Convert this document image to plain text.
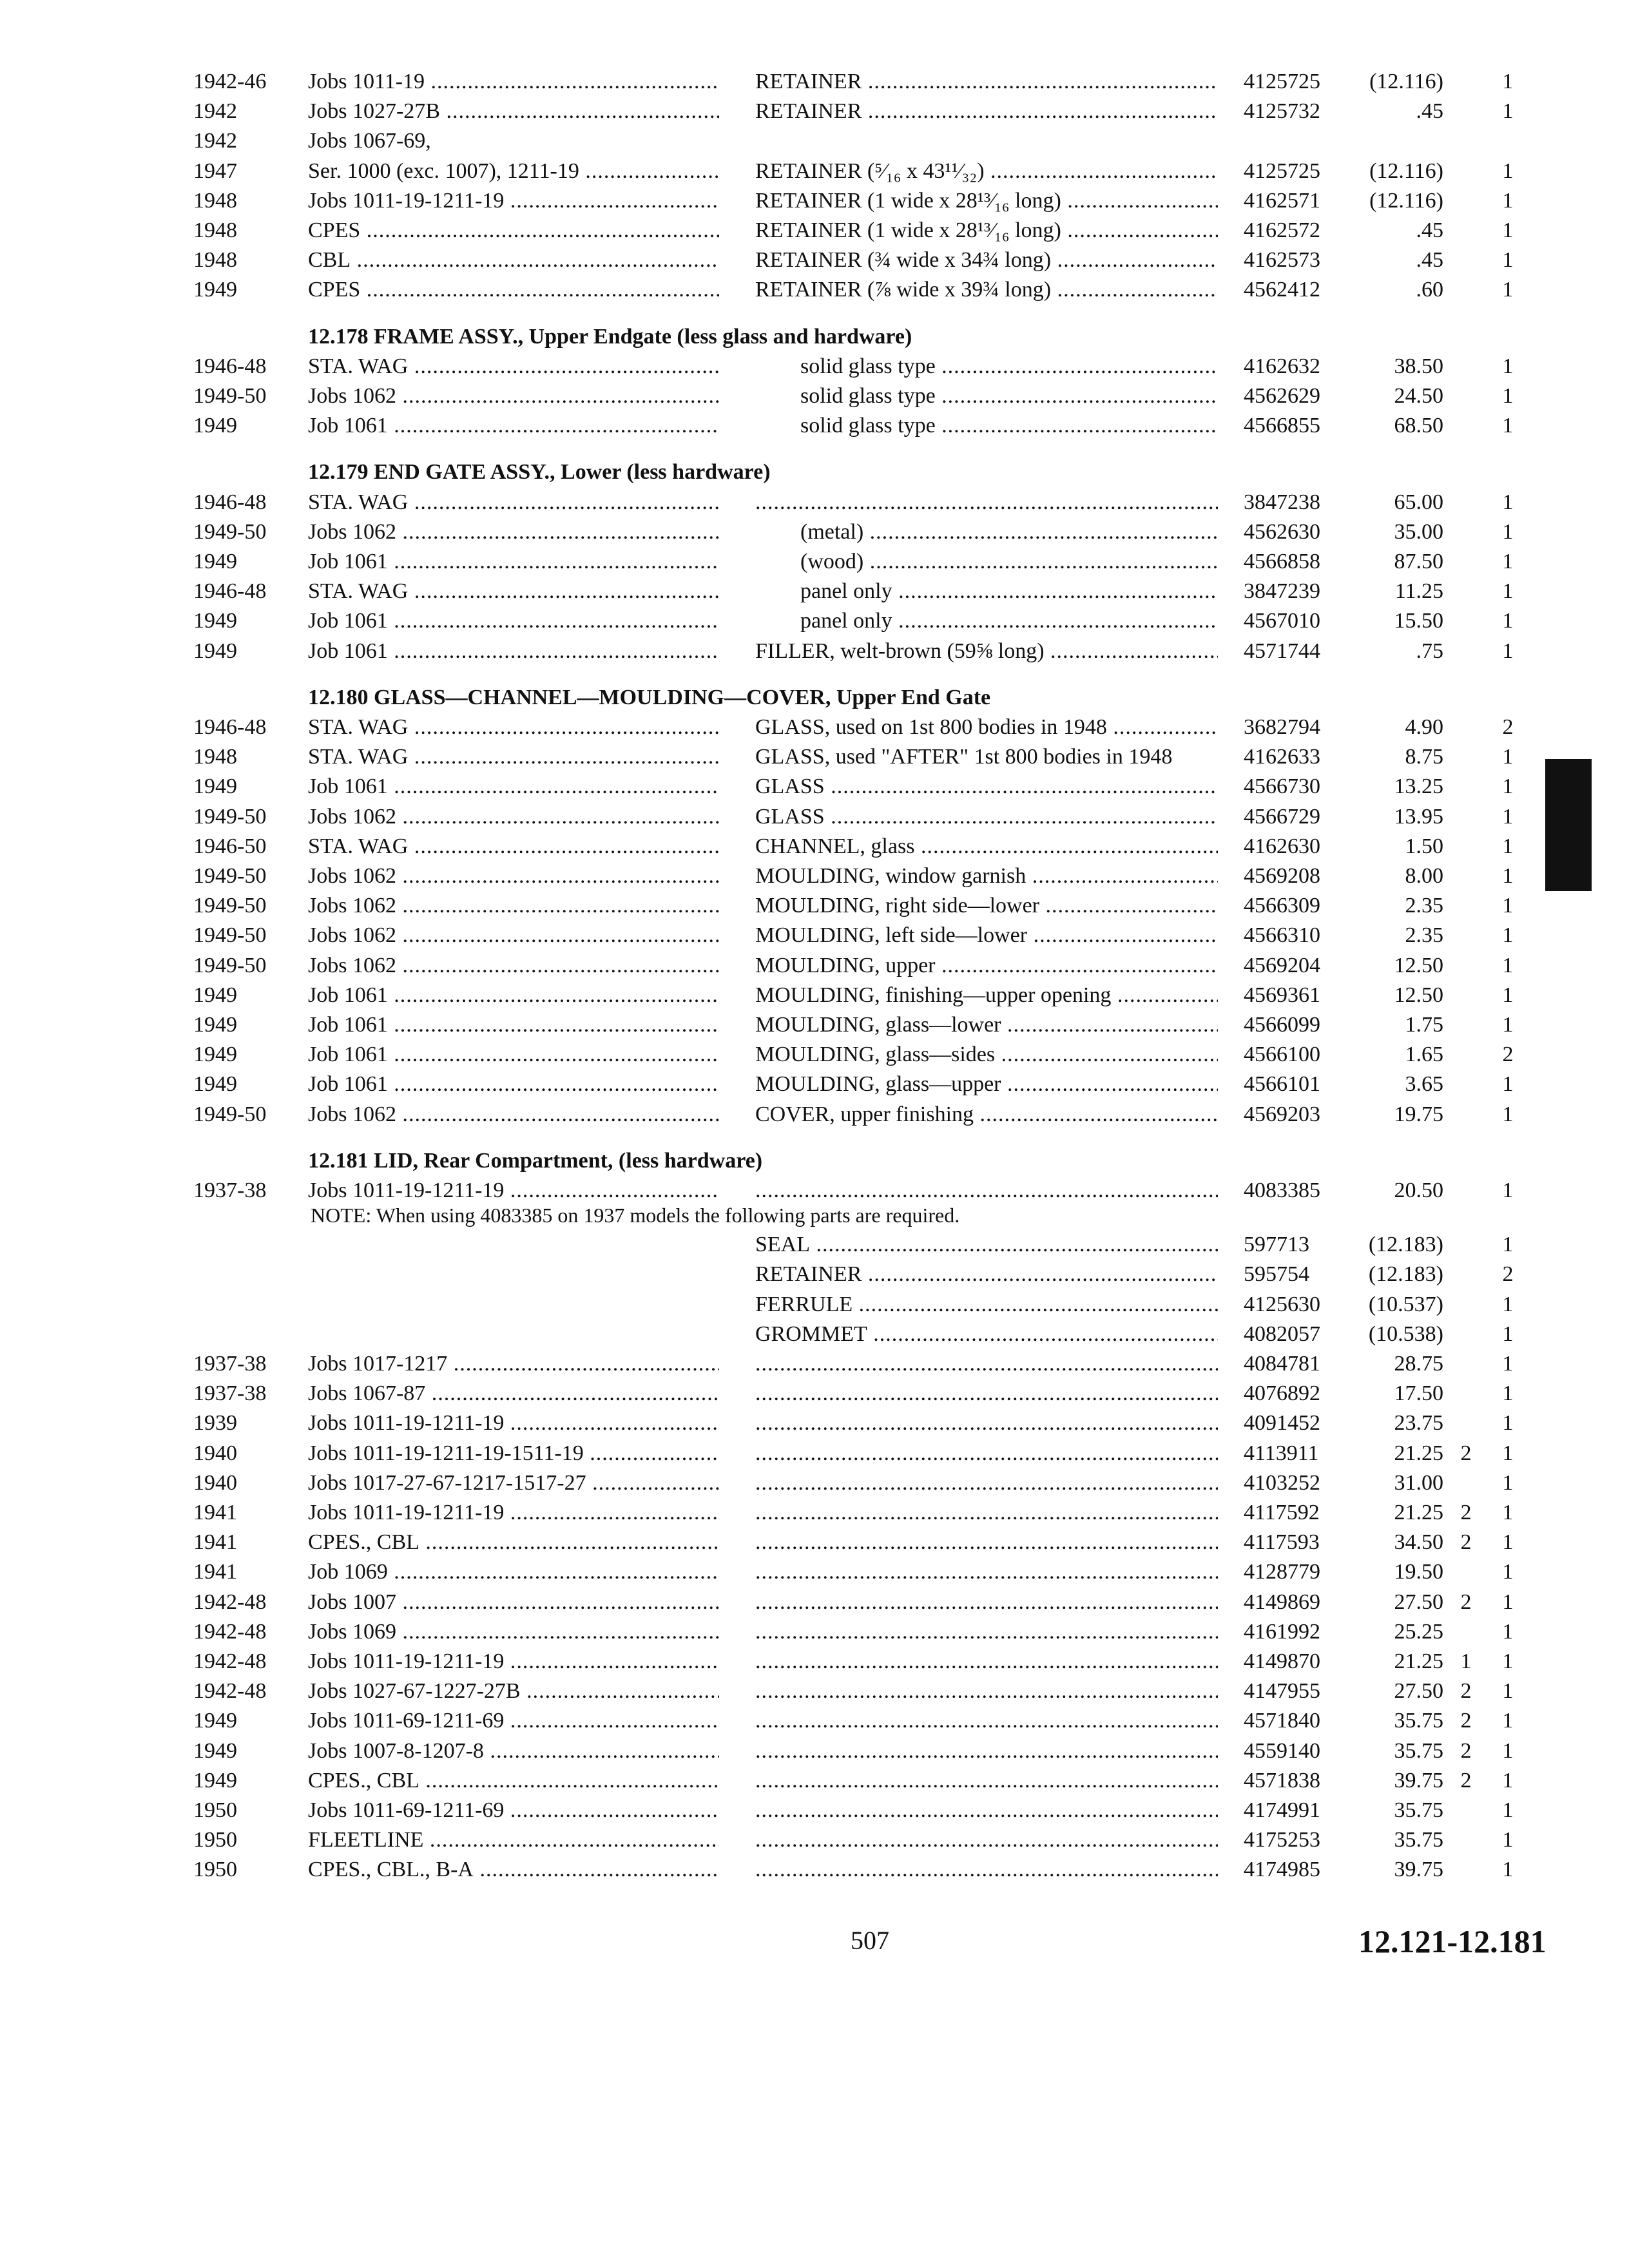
1942-46	Jobs 1011-19 .....	RETAINER .....	4125725	(12.116)	1
1942	Jobs 1027-27B .....	RETAINER .....	4125732	.45	1
1942	Jobs 1067-69,
1947	Ser. 1000 (exc. 1007), 1211-19 .....	RETAINER (⁵⁄₁₆ x 43¹¹⁄₃₂) .....	4125725	(12.116)	1
1948	Jobs 1011-19-1211-19 .....	RETAINER (1 wide x 28¹³⁄₁₆ long) .....	4162571	(12.116)	1
1948	CPES .....	RETAINER (1 wide x 28¹³⁄₁₆ long) .....	4162572	.45	1
1948	CBL .....	RETAINER (¾ wide x 34¾ long) .....	4162573	.45	1
1949	CPES .....	RETAINER (⅞ wide x 39¾ long) .....	4562412	.60	1
12.178 FRAME ASSY., Upper Endgate (less glass and hardware)
1946-48	STA. WAG .....	solid glass type .....	4162632	38.50	1
1949-50	Jobs 1062 .....	solid glass type .....	4562629	24.50	1
1949	Job 1061 .....	solid glass type .....	4566855	68.50	1
12.179 END GATE ASSY., Lower (less hardware)
1946-48	STA. WAG ..... .....	3847238	65.00	1
1949-50	Jobs 1062 .....	(metal) .....	4562630	35.00	1
1949	Job 1061 .....	(wood) .....	4566858	87.50	1
1946-48	STA. WAG .....	panel only .....	3847239	11.25	1
1949	Job 1061 .....	panel only .....	4567010	15.50	1
1949	Job 1061 .....	FILLER, welt-brown (59⅝ long) .....	4571744	.75	1
12.180 GLASS—CHANNEL—MOULDING—COVER, Upper End Gate
1946-48	STA. WAG .....	GLASS, used on 1st 800 bodies in 1948 .....	3682794	4.90	2
1948	STA. WAG .....	GLASS, used "AFTER" 1st 800 bodies in 1948	4162633	8.75	1
1949	Job 1061 .....	GLASS .....	4566730	13.25	1
1949-50	Jobs 1062 .....	GLASS .....	4566729	13.95	1
1946-50	STA. WAG .....	CHANNEL, glass .....	4162630	1.50	1
1949-50	Jobs 1062 .....	MOULDING, window garnish .....	4569208	8.00	1
1949-50	Jobs 1062 .....	MOULDING, right side—lower .....	4566309	2.35	1
1949-50	Jobs 1062 .....	MOULDING, left side—lower .....	4566310	2.35	1
1949-50	Jobs 1062 .....	MOULDING, upper .....	4569204	12.50	1
1949	Job 1061 .....	MOULDING, finishing—upper opening .....	4569361	12.50	1
1949	Job 1061 .....	MOULDING, glass—lower .....	4566099	1.75	1
1949	Job 1061 .....	MOULDING, glass—sides .....	4566100	1.65	2
1949	Job 1061 .....	MOULDING, glass—upper .....	4566101	3.65	1
1949-50	Jobs 1062 .....	COVER, upper finishing .....	4569203	19.75	1
12.181 LID, Rear Compartment, (less hardware)
1937-38	Jobs 1011-19-1211-19 ..... .....	4083385	20.50	1
NOTE: When using 4083385 on 1937 models the following parts are required.
SEAL .....	597713	(12.183)	1
RETAINER .....	595754	(12.183)	2
FERRULE .....	4125630	(10.537)	1
GROMMET .....	4082057	(10.538)	1
1937-38	Jobs 1017-1217 ..... .....	4084781	28.75	1
1937-38	Jobs 1067-87 ..... .....	4076892	17.50	1
1939	Jobs 1011-19-1211-19 ..... .....	4091452	23.75	1
1940	Jobs 1011-19-1211-19-1511-19 ..... .....	4113911	21.25 2	1
1940	Jobs 1017-27-67-1217-1517-27 ..... .....	4103252	31.00	1
1941	Jobs 1011-19-1211-19 ..... .....	4117592	21.25 2	1
1941	CPES., CBL ..... .....	4117593	34.50 2	1
1941	Job 1069 ..... .....	4128779	19.50	1
1942-48	Jobs 1007 ..... .....	4149869	27.50 2	1
1942-48	Jobs 1069 ..... .....	4161992	25.25	1
1942-48	Jobs 1011-19-1211-19 ..... .....	4149870	21.25 1	1
1942-48	Jobs 1027-67-1227-27B ..... .....	4147955	27.50 2	1
1949	Jobs 1011-69-1211-69 ..... .....	4571840	35.75 2	1
1949	Jobs 1007-8-1207-8 ..... .....	4559140	35.75 2	1
1949	CPES., CBL ..... .....	4571838	39.75 2	1
1950	Jobs 1011-69-1211-69 ..... .....	4174991	35.75	1
1950	FLEETLINE ..... .....	4175253	35.75	1
1950	CPES., CBL., B-A ..... .....	4174985	39.75	1
507	12.121-12.181
